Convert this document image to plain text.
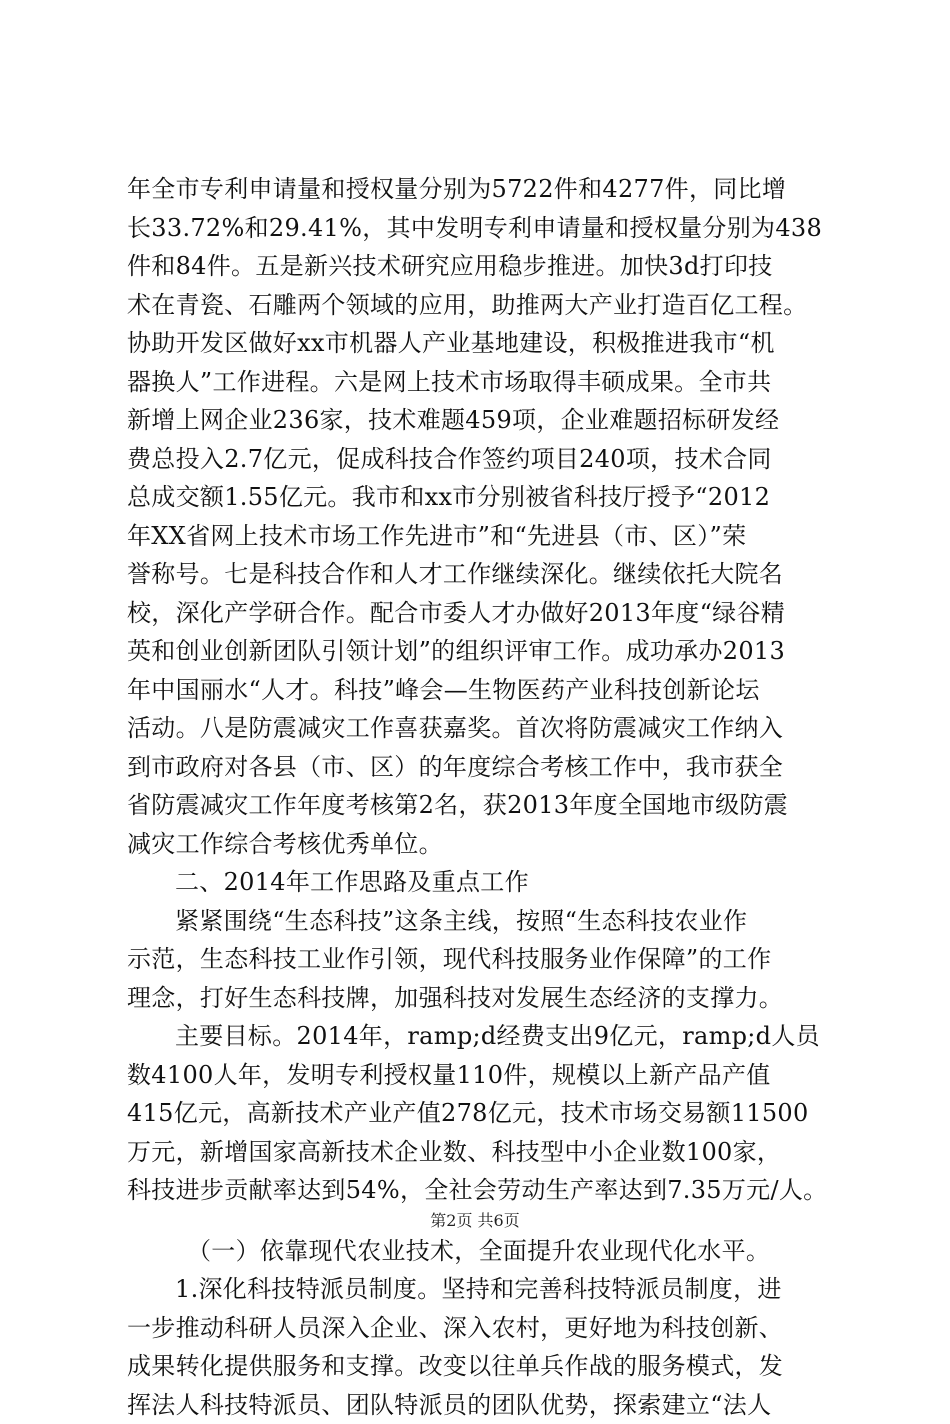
年全市专利申请量和授权量分别为5722件和4277件，同比增
长33.72%和29.41%，其中发明专利申请量和授权量分别为438
件和84件。五是新兴技术研究应用稳步推进。加快3d打印技
术在青瓷、石雕两个领域的应用，助推两大产业打造百亿工程。
协助开发区做好xx市机器人产业基地建设，积极推进我市“机
器换人”工作进程。六是网上技术市场取得丰硕成果。全市共
新增上网企业236家，技术难题459项，企业难题招标研发经
费总投入2.7亿元，促成科技合作签约项目240项，技术合同
总成交额1.55亿元。我市和xx市分别被省科技厅授予“2012
年XX省网上技术市场工作先进市”和“先进县（市、区）”荣
誉称号。七是科技合作和人才工作继续深化。继续依托大院名
校，深化产学研合作。配合市委人才办做好2013年度“绿谷精
英和创业创新团队引领计划”的组织评审工作。成功承办2013
年中国丽水“人才。科技”峰会—生物医药产业科技创新论坛
活动。八是防震减灾工作喜获嘉奖。首次将防震减灾工作纳入
到市政府对各县（市、区）的年度综合考核工作中，我市获全
省防震减灾工作年度考核第2名，获2013年度全国地市级防震
减灾工作综合考核优秀单位。
二、2014年工作思路及重点工作
紧紧围绕“生态科技”这条主线，按照“生态科技农业作
示范，生态科技工业作引领，现代科技服务业作保障”的工作
理念，打好生态科技牌，加强科技对发展生态经济的支撑力。
主要目标。2014年，ramp;d经费支出9亿元，ramp;d人员
数4100人年，发明专利授权量110件，规模以上新产品产值
415亿元，高新技术产业产值278亿元，技术市场交易额11500
万元，新增国家高新技术企业数、科技型中小企业数100家，
科技进步贡献率达到54%，全社会劳动生产率达到7.35万元/人。
（一）依靠现代农业技术，全面提升农业现代化水平。
1.深化科技特派员制度。坚持和完善科技特派员制度，进
一步推动科研人员深入企业、深入农村，更好地为科技创新、
成果转化提供服务和支撑。改变以往单兵作战的服务模式，发
挥法人科技特派员、团队特派员的团队优势，探索建立“法人
第2页 共6页
